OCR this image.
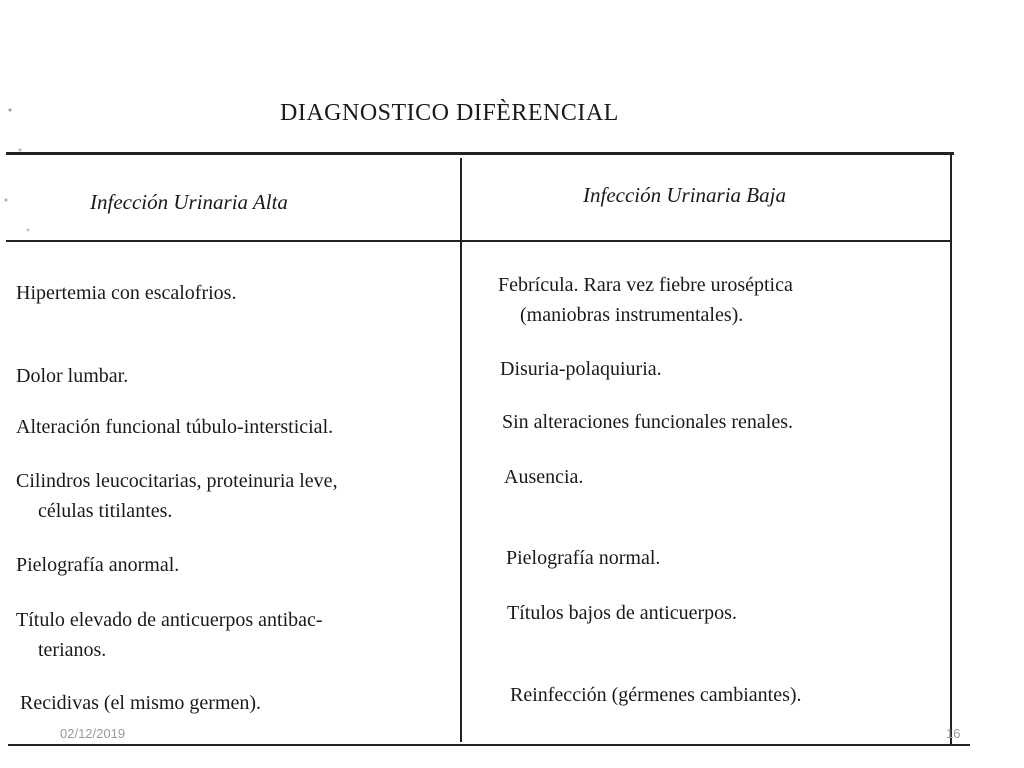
DIAGNOSTICO DIFÈRENCIAL
Infección Urinaria Alta	Infección Urinaria Baja
Hipertemia con escalofrios.
Dolor lumbar.
Alteración funcional túbulo-intersticial.
Cilindros leucocitarias, proteinuria leve,
células titilantes.
Pielografía anormal.
Título elevado de anticuerpos antibac-
terianos.
Recidivas (el mismo germen).
Febrícula. Rara vez fiebre uroséptica
(maniobras instrumentales).
Disuria-polaquiuria.
Sin alteraciones funcionales renales.
Ausencia.
Pielografía normal.
Títulos bajos de anticuerpos.
Reinfección (gérmenes cambiantes).
02/12/2019	16
